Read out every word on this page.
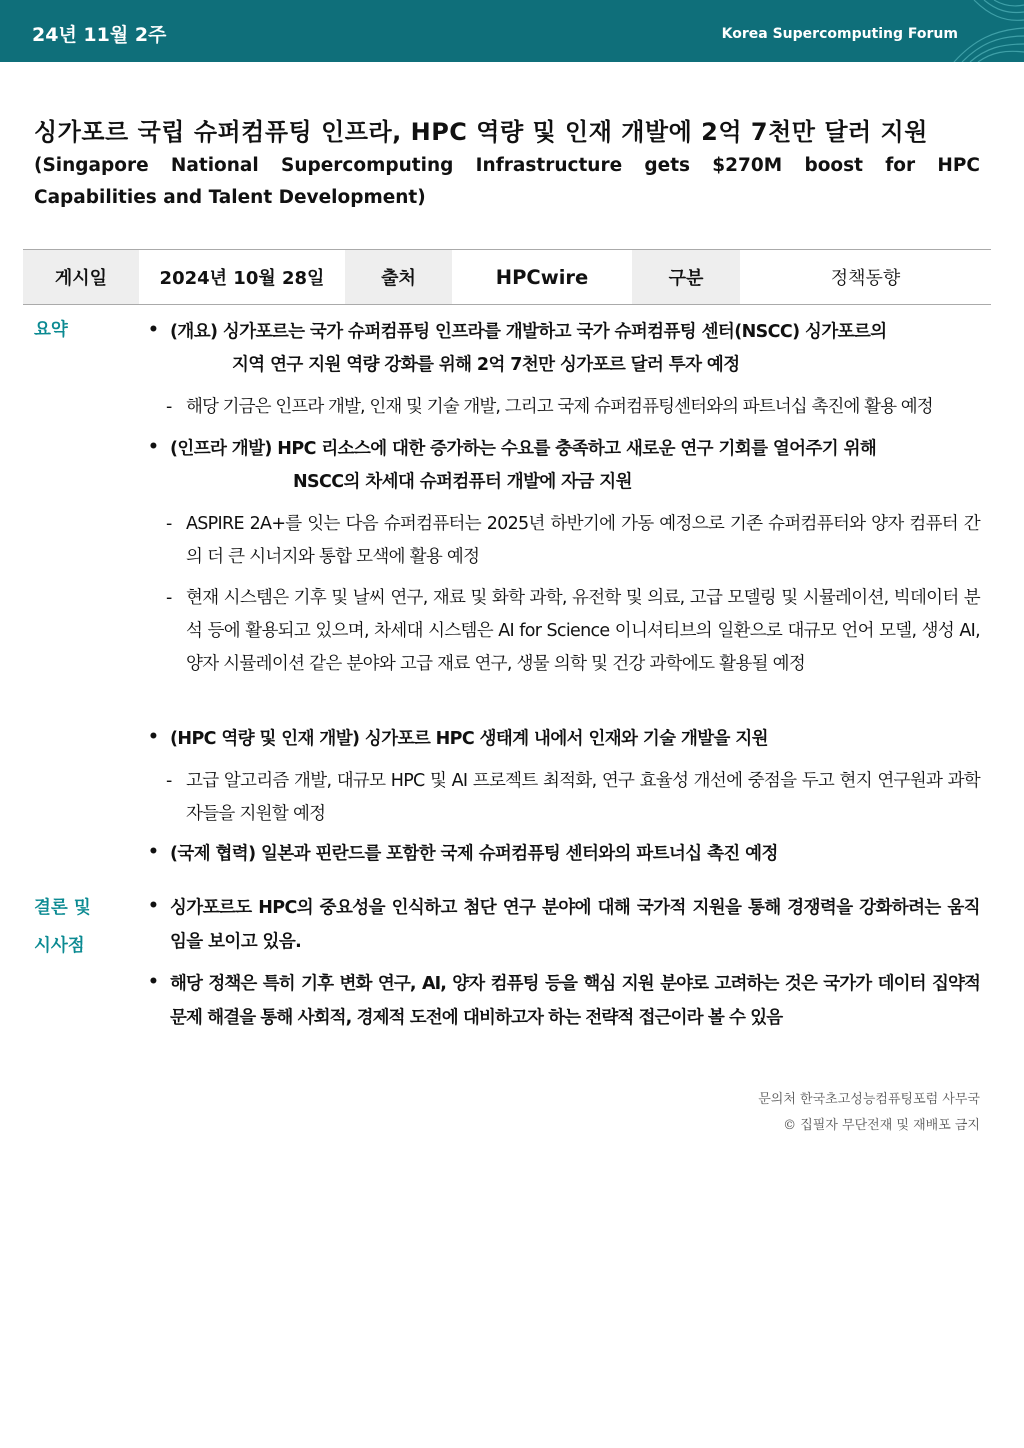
24년 11월 2주	Korea Supercomputing Forum
싱가포르 국립 슈퍼컴퓨팅 인프라, HPC 역량 및 인재 개발에 2억 7천만 달러 지원
(Singapore National Supercomputing Infrastructure gets $270M boost for HPC Capabilities and Talent Development)
게시일	2024년 10월 28일	출처	HPCwire	구분	정책동향
요약	• (개요) 싱가포르는 국가 슈퍼컴퓨팅 인프라를 개발하고 국가 슈퍼컴퓨팅 센터(NSCC) 싱가포르의
지역 연구 지원 역량 강화를 위해 2억 7천만 싱가포르 달러 투자 예정
- 해당 기금은 인프라 개발, 인재 및 기술 개발, 그리고 국제 슈퍼컴퓨팅센터와의 파트너십 촉진에 활용 예정
• (인프라 개발) HPC 리소스에 대한 증가하는 수요를 충족하고 새로운 연구 기회를 열어주기 위해
NSCC의 차세대 슈퍼컴퓨터 개발에 자금 지원
- ASPIRE 2A+를 잇는 다음 슈퍼컴퓨터는 2025년 하반기에 가동 예정으로 기존 슈퍼컴퓨터와 양자 컴퓨터 간의 더 큰 시너지와 통합 모색에 활용 예정
- 현재 시스템은 기후 및 날씨 연구, 재료 및 화학 과학, 유전학 및 의료, 고급 모델링 및 시뮬레이션, 빅데이터 분석 등에 활용되고 있으며, 차세대 시스템은 AI for Science 이니셔티브의 일환으로 대규모 언어 모델, 생성 AI, 양자 시뮬레이션 같은 분야와 고급 재료 연구, 생물 의학 및 건강 과학에도 활용될 예정
• (HPC 역량 및 인재 개발) 싱가포르 HPC 생태계 내에서 인재와 기술 개발을 지원
- 고급 알고리즘 개발, 대규모 HPC 및 AI 프로젝트 최적화, 연구 효율성 개선에 중점을 두고 현지 연구원과 과학자들을 지원할 예정
• (국제 협력) 일본과 핀란드를 포함한 국제 슈퍼컴퓨팅 센터와의 파트너십 촉진 예정
결론 및
시사점
• 싱가포르도 HPC의 중요성을 인식하고 첨단 연구 분야에 대해 국가적 지원을 통해 경쟁력을 강화하려는 움직임을 보이고 있음.
• 해당 정책은 특히 기후 변화 연구, AI, 양자 컴퓨팅 등을 핵심 지원 분야로 고려하는 것은 국가가 데이터 집약적 문제 해결을 통해 사회적, 경제적 도전에 대비하고자 하는 전략적 접근이라 볼 수 있음
문의처 한국초고성능컴퓨팅포럼 사무국
© 집필자 무단전재 및 재배포 금지
